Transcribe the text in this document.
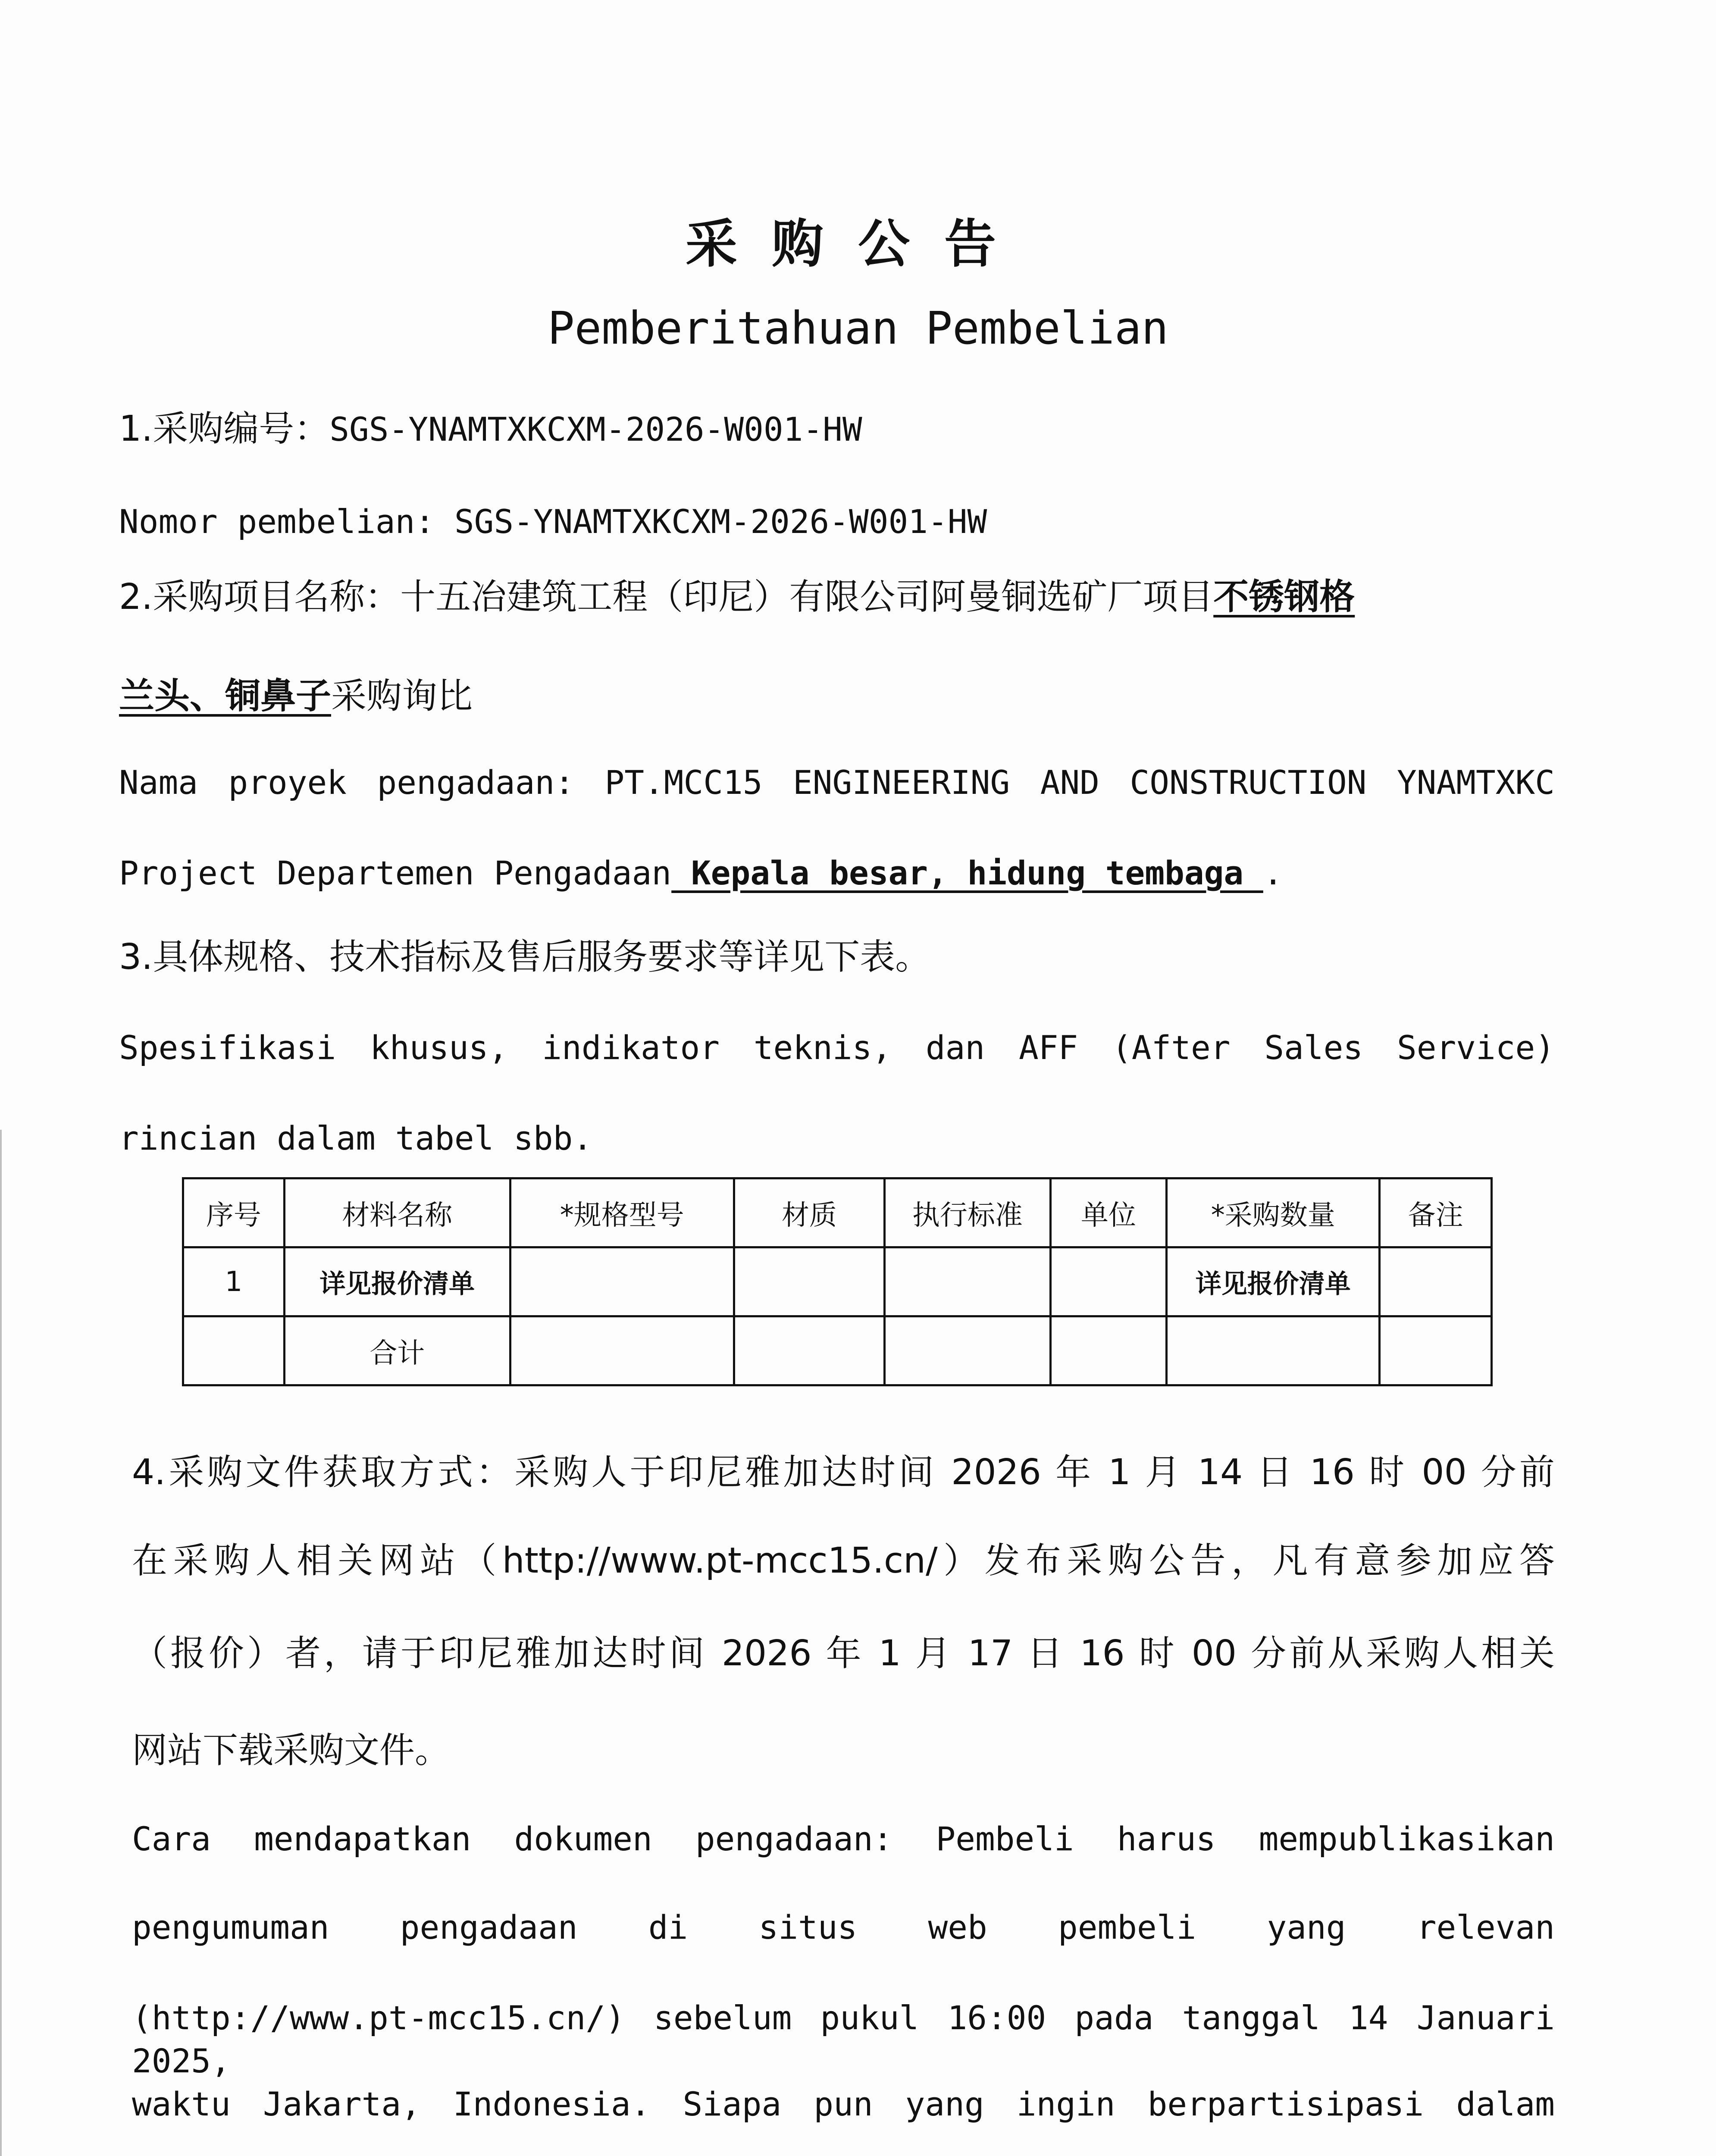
采购公告
Pemberitahuan Pembelian
1.采购编号：SGS-YNAMTXKCXM-2026-W001-HW
Nomor pembelian: SGS-YNAMTXKCXM-2026-W001-HW
2.采购项目名称：十五冶建筑工程（印尼）有限公司阿曼铜选矿厂项目不锈钢格
兰头、铜鼻子采购询比
Nama proyek pengadaan: PT.MCC15 ENGINEERING AND CONSTRUCTION YNAMTXKC
Project Departemen Pengadaan Kepala besar, hidung tembaga .
3.具体规格、技术指标及售后服务要求等详见下表。
Spesifikasi khusus, indikator teknis, dan AFF (After Sales Service)
rincian dalam tabel sbb.
序号	材料名称	*规格型号	材质	执行标准	单位	*采购数量	备注
1	详见报价清单					详见报价清单	
	合计						
4.采购文件获取方式：采购人于印尼雅加达时间 2026 年 1 月 14 日 16 时 00 分前
在采购人相关网站（http://www.pt-mcc15.cn/）发布采购公告，凡有意参加应答
（报价）者，请于印尼雅加达时间 2026 年 1 月 17 日 16 时 00 分前从采购人相关
网站下载采购文件。
Cara mendapatkan dokumen pengadaan: Pembeli harus mempublikasikan
pengumuman pengadaan di situs web pembeli yang relevan
(http://www.pt-mcc15.cn/) sebelum pukul 16:00 pada tanggal 14 Januari 2025,
waktu Jakarta, Indonesia. Siapa pun yang ingin berpartisipasi dalam
